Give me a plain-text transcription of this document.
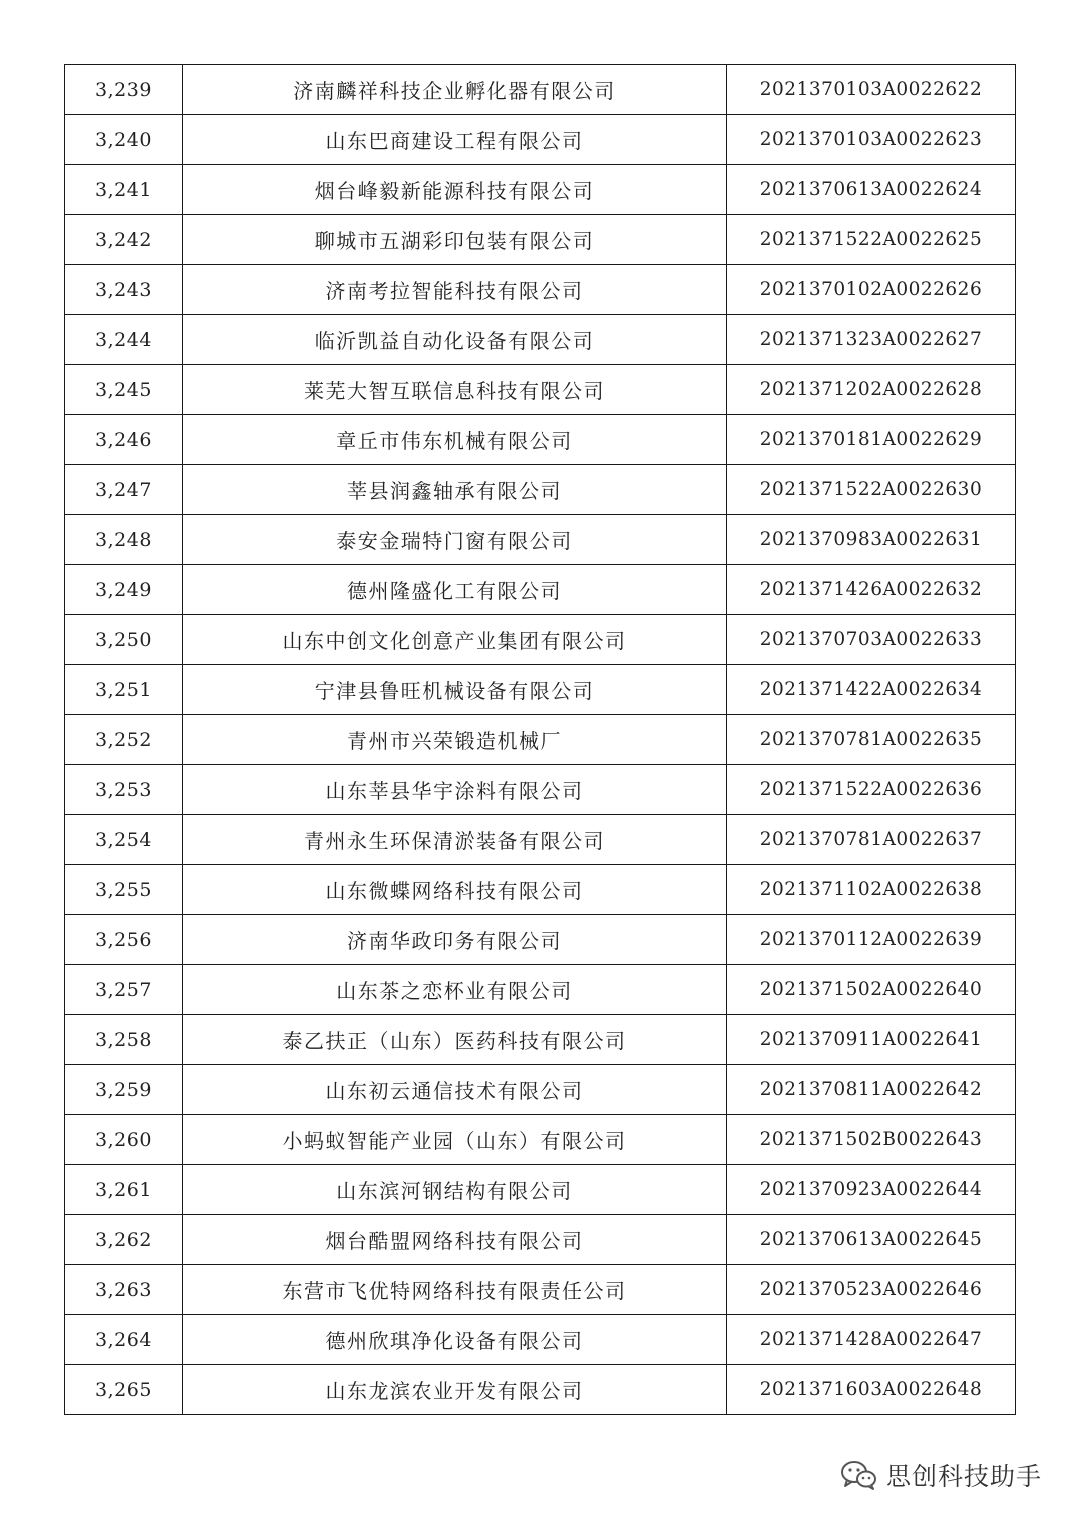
3,239	济南麟祥科技企业孵化器有限公司	2021370103A0022622
3,240	山东巴商建设工程有限公司	2021370103A0022623
3,241	烟台峰毅新能源科技有限公司	2021370613A0022624
3,242	聊城市五湖彩印包装有限公司	2021371522A0022625
3,243	济南考拉智能科技有限公司	2021370102A0022626
3,244	临沂凯益自动化设备有限公司	2021371323A0022627
3,245	莱芜大智互联信息科技有限公司	2021371202A0022628
3,246	章丘市伟东机械有限公司	2021370181A0022629
3,247	莘县润鑫轴承有限公司	2021371522A0022630
3,248	泰安金瑞特门窗有限公司	2021370983A0022631
3,249	德州隆盛化工有限公司	2021371426A0022632
3,250	山东中创文化创意产业集团有限公司	2021370703A0022633
3,251	宁津县鲁旺机械设备有限公司	2021371422A0022634
3,252	青州市兴荣锻造机械厂	2021370781A0022635
3,253	山东莘县华宇涂料有限公司	2021371522A0022636
3,254	青州永生环保清淤装备有限公司	2021370781A0022637
3,255	山东微蝶网络科技有限公司	2021371102A0022638
3,256	济南华政印务有限公司	2021370112A0022639
3,257	山东茶之恋杯业有限公司	2021371502A0022640
3,258	泰乙扶正（山东）医药科技有限公司	2021370911A0022641
3,259	山东初云通信技术有限公司	2021370811A0022642
3,260	小蚂蚁智能产业园（山东）有限公司	2021371502B0022643
3,261	山东滨河钢结构有限公司	2021370923A0022644
3,262	烟台酷盟网络科技有限公司	2021370613A0022645
3,263	东营市飞优特网络科技有限责任公司	2021370523A0022646
3,264	德州欣琪净化设备有限公司	2021371428A0022647
3,265	山东龙滨农业开发有限公司	2021371603A0022648
思创科技助手
